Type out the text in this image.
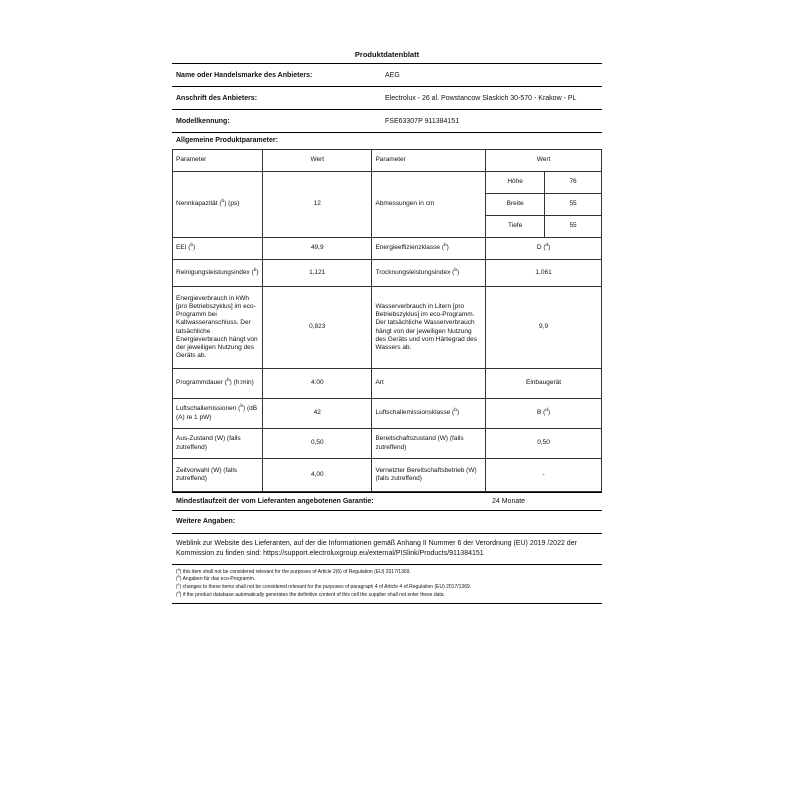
Produktdatenblatt
Name oder Handelsmarke des Anbieters:	AEG
Anschrift des Anbieters:	Electrolux - 26 al. Powstancow Slaskich 30-570 - Krakow - PL
Modellkennung:	FSE63307P 911384151
Allgemeine Produktparameter:
Parameter	Wert	Parameter	Wert	
Nennkapazität ($^b$) (ps)	12	Abmessungen in cm	Höhe	76
			Breite	55
			Tiefe	55
EEI ($^b$)	49,9	Energieeffizienzklasse ($^b$)	D ($^d$)	
Reinigungsleistungsindex ($^b$)	1,121	Trocknungsleistungsindex ($^b$)	1,061	
Energieverbrauch in kWh [pro Betriebszyklus] im eco-Programm bei Kaltwasseranschluss. Der tatsächliche Energieverbrauch hängt von der jeweiligen Nutzung des Geräts ab.	0,823	Wasserverbrauch in Litern [pro Betriebszyklus] im eco-Programm. Der tatsächliche Wasserverbrauch hängt von der jeweiligen Nutzung des Geräts und vom Härtegrad des Wassers ab.	9,9	
Programmdauer ($^b$) (h:min)	4:00	Art	Einbaugerät	
Luftschallemissionen ($^b$) (dB (A) re 1 pW)	42	Luftschallemissionsklasse ($^b$)	B ($^d$)	
Aus-Zustand (W) (falls zutreffend)	0,50	Bereitschaftszustand (W) (falls zutreffend)	0,50	
Zeitvorwahl (W) (falls zutreffend)	4,00	Vernetzter Bereitschaftsbetrieb (W) (falls zutreffend)	-	
Mindestlaufzeit der vom Lieferanten angebotenen Garantie:	24 Monate
Weitere Angaben:
Weblink zur Website des Lieferanten, auf der die Informationen gemäß Anhang II Nummer 6 der Verordnung (EU) 2019 /2022 der Kommission zu finden sind: https://support.electroluxgroup.eu/external/PISlink/Products/911384151
($^a$) this item shall not be considered relevant for the purposes of Article 2(6) of Regulation (EU) 2017/1369.
($^b$) Angaben für das eco-Programm.
($^c$) changes to these items shall not be considered relevant for the purposes of paragraph 4 of Article 4 of Regulation (EU) 2017/1369.
($^d$) if the product database automatically generates the definitive content of this cell the supplier shall not enter these data.
